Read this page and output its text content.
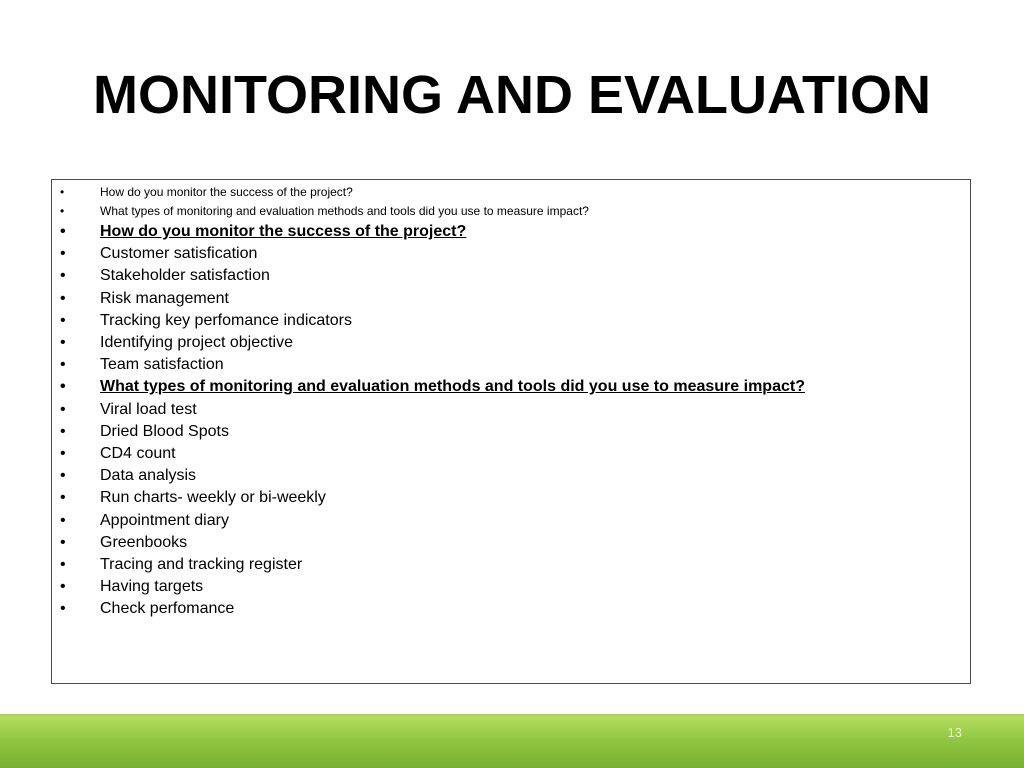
MONITORING AND EVALUATION
•	How do you monitor the success of the project?
•	What types of monitoring and evaluation methods and tools did you use to measure impact?
• How do you monitor the success of the project?
• Customer satisfication
• Stakeholder satisfaction
• Risk management
• Tracking key perfomance indicators
• Identifying project objective
• Team satisfaction
• What types of monitoring and evaluation methods and tools did you use to measure impact?
• Viral load test
• Dried Blood Spots
• CD4 count
• Data analysis
• Run charts- weekly or bi-weekly
• Appointment diary
• Greenbooks
• Tracing and tracking register
• Having targets
• Check perfomance
13
